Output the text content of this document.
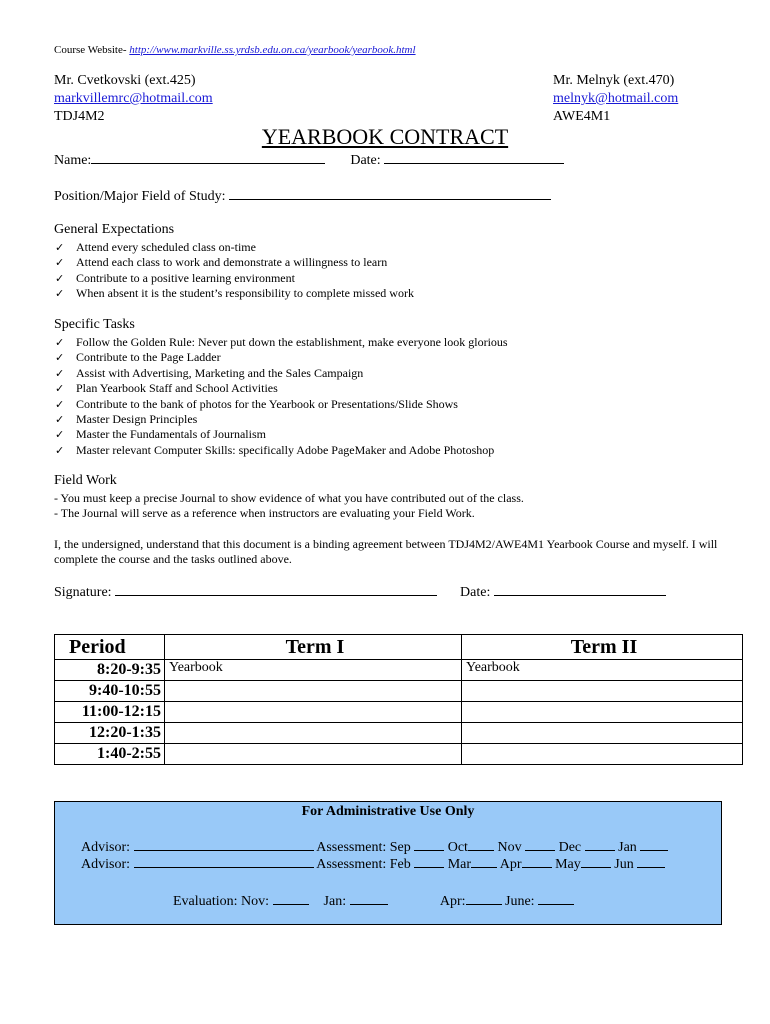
Course Website- http://www.markville.ss.yrdsb.edu.on.ca/yearbook/yearbook.html
Mr. Cvetkovski (ext.425)
markvillemrc@hotmail.com
TDJ4M2
Mr. Melnyk (ext.470)
melnyk@hotmail.com
AWE4M1
YEARBOOK CONTRACT
Name:	Date:
Position/Major Field of Study:
General Expectations
✓ Attend every scheduled class on-time
✓ Attend each class to work and demonstrate a willingness to learn
✓ Contribute to a positive learning environment
✓ When absent it is the student’s responsibility to complete missed work
Specific Tasks
✓ Follow the Golden Rule: Never put down the establishment, make everyone look glorious
✓ Contribute to the Page Ladder
✓ Assist with Advertising, Marketing and the Sales Campaign
✓ Plan Yearbook Staff and School Activities
✓ Contribute to the bank of photos for the Yearbook or Presentations/Slide Shows
✓ Master Design Principles
✓ Master the Fundamentals of Journalism
✓ Master relevant Computer Skills: specifically Adobe PageMaker and Adobe Photoshop
Field Work
- You must keep a precise Journal to show evidence of what you have contributed out of the class.
- The Journal will serve as a reference when instructors are evaluating your Field Work.
I, the undersigned, understand that this document is a binding agreement between TDJ4M2/AWE4M1 Yearbook Course and myself. I will complete the course and the tasks outlined above.
Signature:	Date:
Period	Term I	Term II
8:20-9:35	Yearbook	Yearbook
9:40-10:55		
11:00-12:15		
12:20-1:35		
1:40-2:55		
For Administrative Use Only
Advisor:	Assessment: Sep	Oct Nov	Dec	Jan
Advisor:	Assessment: Feb	Mar Apr May Jun
Evaluation: Nov:	Jan:	Apr:	June:
